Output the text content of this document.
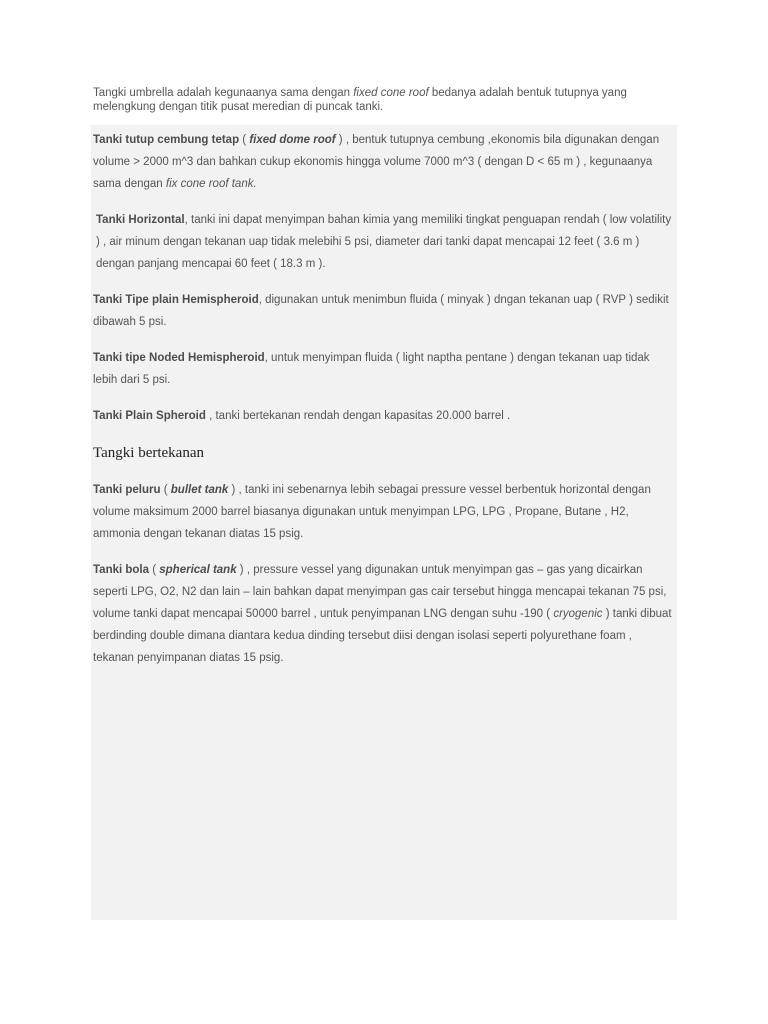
Tangki umbrella adalah kegunaanya sama dengan fixed cone roof bedanya adalah bentuk tutupnya yang melengkung dengan titik pusat meredian di puncak tanki.

Tanki tutup cembung tetap ( fixed dome roof ) , bentuk tutupnya cembung ,ekonomis bila digunakan dengan volume > 2000 m^3 dan bahkan cukup ekonomis hingga volume 7000 m^3 ( dengan D < 65 m ) , kegunaanya sama dengan fix cone roof tank.

Tanki Horizontal, tanki ini dapat menyimpan bahan kimia yang memiliki tingkat penguapan rendah ( low volatility ) , air minum dengan tekanan uap tidak melebihi 5 psi, diameter dari tanki dapat mencapai 12 feet ( 3.6 m ) dengan panjang mencapai 60 feet ( 18.3 m ).

Tanki Tipe plain Hemispheroid, digunakan untuk menimbun fluida ( minyak ) dngan tekanan uap ( RVP ) sedikit dibawah 5 psi.

Tanki tipe Noded Hemispheroid, untuk menyimpan fluida ( light naptha pentane ) dengan tekanan uap tidak lebih dari 5 psi.

Tanki Plain Spheroid , tanki bertekanan rendah dengan kapasitas 20.000 barrel .

Tangki bertekanan

Tanki peluru ( bullet tank ) , tanki ini sebenarnya lebih sebagai pressure vessel berbentuk horizontal dengan volume maksimum 2000 barrel biasanya digunakan untuk menyimpan LPG, LPG , Propane, Butane , H2, ammonia dengan tekanan diatas 15 psig.

Tanki bola ( spherical tank ) , pressure vessel yang digunakan untuk menyimpan gas – gas yang dicairkan seperti LPG, O2, N2 dan lain – lain bahkan dapat menyimpan gas cair tersebut hingga mencapai tekanan 75 psi, volume tanki dapat mencapai 50000 barrel , untuk penyimpanan LNG dengan suhu -190 ( cryogenic ) tanki dibuat berdinding double dimana diantara kedua dinding tersebut diisi dengan isolasi seperti polyurethane foam , tekanan penyimpanan diatas 15 psig.
